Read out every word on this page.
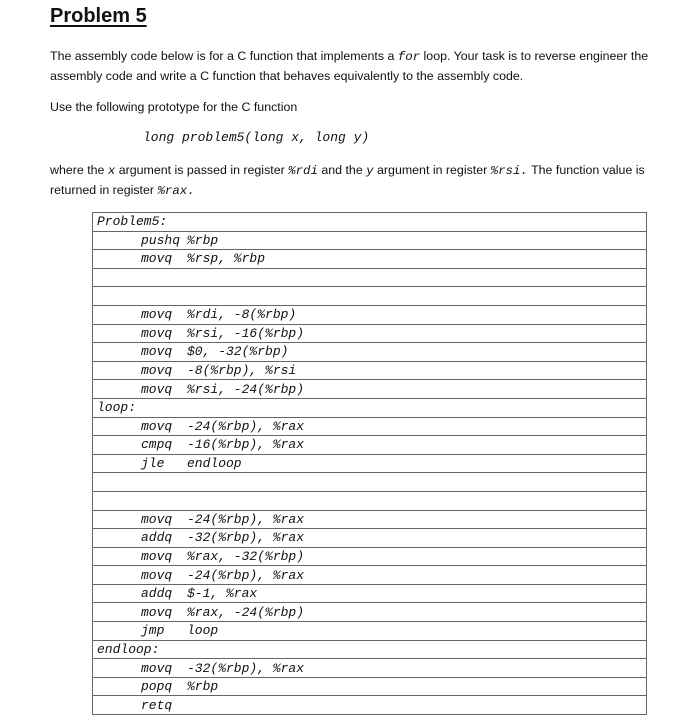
Problem 5

The assembly code below is for a C function that implements a for loop. Your task is to reverse engineer the assembly code and write a C function that behaves equivalently to the assembly code.

Use the following prototype for the C function

long problem5(long x, long y)

where the x argument is passed in register %rdi and the y argument in register %rsi. The function value is returned in register %rax.

Problem5:
pushq %rbp
movq %rsp, %rbp

movq %rdi, -8(%rbp)
movq %rsi, -16(%rbp)
movq $0, -32(%rbp)
movq -8(%rbp), %rsi
movq %rsi, -24(%rbp)
loop:
movq -24(%rbp), %rax
cmpq -16(%rbp), %rax
jle endloop

movq -24(%rbp), %rax
addq -32(%rbp), %rax
movq %rax, -32(%rbp)
movq -24(%rbp), %rax
addq $-1, %rax
movq %rax, -24(%rbp)
jmp loop
endloop:
movq -32(%rbp), %rax
popq %rbp
retq
